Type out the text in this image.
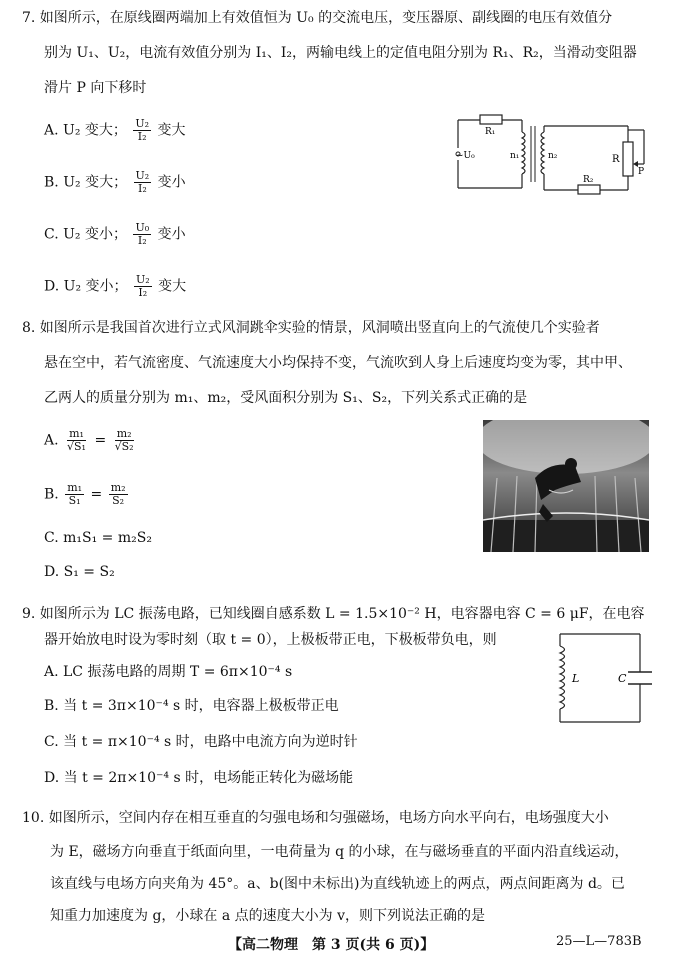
7. 如图所示，在原线圈两端加上有效值恒为 U₀ 的交流电压，变压器原、副线圈的电压有效值分
别为 U₁、U₂，电流有效值分别为 I₁、I₂，两输电线上的定值电阻分别为 R₁、R₂，当滑动变阻器
滑片 P 向下移时
A. U₂ 变大； $\frac{\text{U₂}}{\text{I₂}}$ 变大
B. U₂ 变大； $\frac{\text{U₂}}{\text{I₂}}$ 变小
C. U₂ 变小； $\frac{\text{U₀}}{\text{I₂}}$ 变小
D. U₂ 变小； $\frac{\text{U₂}}{\text{I₂}}$ 变大
R₁
~U₀	n₁	n₂	R
P
R₂
8. 如图所示是我国首次进行立式风洞跳伞实验的情景，风洞喷出竖直向上的气流使几个实验者
悬在空中，若气流密度、气流速度大小均保持不变，气流吹到人身上后速度均变为零，其中甲、
乙两人的质量分别为 m₁、m₂，受风面积分别为 S₁、S₂，下列关系式正确的是
A. $\frac{\text{m₁}}{\text{√S₁}} = \frac{\text{m₂}}{\text{√S₂}}$
B. $\frac{\text{m₁}}{\text{S₁}} = \frac{\text{m₂}}{\text{S₂}}$
C. m₁S₁ = m₂S₂
D. S₁ = S₂
9. 如图所示为 LC 振荡电路，已知线圈自感系数 L = 1.5×10⁻² H，电容器电容 C = 6 μF，在电容
器开始放电时设为零时刻（取 t = 0），上极板带正电，下极板带负电，则
A. LC 振荡电路的周期 T = 6π×10⁻⁴ s
B. 当 t = 3π×10⁻⁴ s 时，电容器上极板带正电
C. 当 t = π×10⁻⁴ s 时，电路中电流方向为逆时针
D. 当 t = 2π×10⁻⁴ s 时，电场能正转化为磁场能
L	C
10. 如图所示，空间内存在相互垂直的匀强电场和匀强磁场，电场方向水平向右，电场强度大小
为 E，磁场方向垂直于纸面向里，一电荷量为 q 的小球，在与磁场垂直的平面内沿直线运动，
该直线与电场方向夹角为 45°。a、b(图中未标出)为直线轨迹上的两点，两点间距离为 d。已
知重力加速度为 g，小球在 a 点的速度大小为 v，则下列说法正确的是
【高二物理　第 3 页(共 6 页)】	25—L—783B
